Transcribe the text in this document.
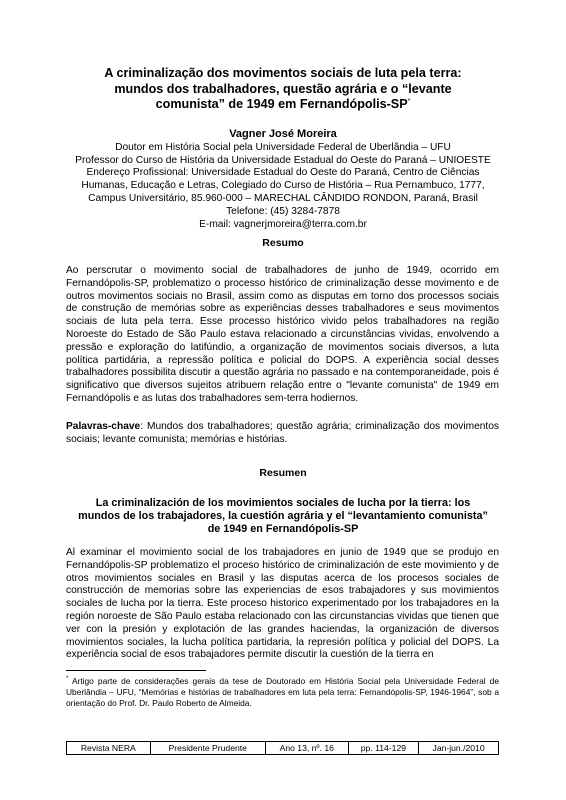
A criminalização dos movimentos sociais de luta pela terra:
mundos dos trabalhadores, questão agrária e o “levante
comunista” de 1949 em Fernandópolis-SP*
Vagner José Moreira
Doutor em História Social pela Universidade Federal de Uberlândia – UFU
Professor do Curso de História da Universidade Estadual do Oeste do Paraná – UNIOESTE
Endereço Profissional: Universidade Estadual do Oeste do Paraná, Centro de Ciências
Humanas, Educação e Letras, Colegiado do Curso de História – Rua Pernambuco, 1777,
Campus Universitário, 85.960-000 – MARECHAL CÂNDIDO RONDON, Paraná, Brasil
Telefone: (45) 3284-7878
E-mail: vagnerjmoreira@terra.com.br
Resumo
Ao perscrutar o movimento social de trabalhadores de junho de 1949, ocorrido em Fernandópolis-SP, problematizo o processo histórico de criminalização desse movimento e de outros movimentos sociais no Brasil, assim como as disputas em torno dos processos sociais de construção de memórias sobre as experiências desses trabalhadores e seus movimentos sociais de luta pela terra. Esse processo histórico vivido pelos trabalhadores na região Noroeste do Estado de São Paulo estava relacionado a circunstâncias vividas, envolvendo a pressão e exploração do latifúndio, a organização de movimentos sociais diversos, a luta política partidária, a repressão política e policial do DOPS. A experiência social desses trabalhadores possibilita discutir a questão agrária no passado e na contemporaneidade, pois é significativo que diversos sujeitos atribuem relação entre o "levante comunista" de 1949 em Fernandópolis e as lutas dos trabalhadores sem-terra hodiernos.
Palavras-chave: Mundos dos trabalhadores; questão agrária; criminalização dos movimentos sociais; levante comunista; memórias e histórias.
Resumen
La criminalización de los movimientos sociales de lucha por la tierra: los mundos de los trabajadores, la cuestión agrária y el “levantamiento comunista” de 1949 en Fernandópolis-SP
Al examinar el movimiento social de los trabajadores en junio de 1949 que se produjo en Fernandópolis-SP problematizo el proceso histórico de criminalización de este movimiento y de otros movimientos sociales en Brasil y las disputas acerca de los procesos sociales de construcción de memorias sobre las experiencias de esos trabajadores y sus movimientos sociales de lucha por la tierra. Este proceso historico experimentado por los trabajadores en la región noroeste de São Paulo estaba relacionado con las circunstancias vividas que tienen que ver con la presión y explotación de las grandes haciendas, la organización de diversos movimientos sociales, la lucha política partidaria, la represión política y policial del DOPS. La experiência social de esos trabajadores permite discutir la cuestión de la tierra en
* Artigo parte de considerações gerais da tese de Doutorado em História Social pela Universidade Federal de Uberlândia – UFU, “Memórias e histórias de trabalhadores em luta pela terra: Fernandópolis-SP, 1946-1964”, sob a orientação do Prof. Dr. Paulo Roberto de Almeida.
Revista NERA	Presidente Prudente	Ano 13, nº. 16	pp. 114-129	Jan-jun./2010
